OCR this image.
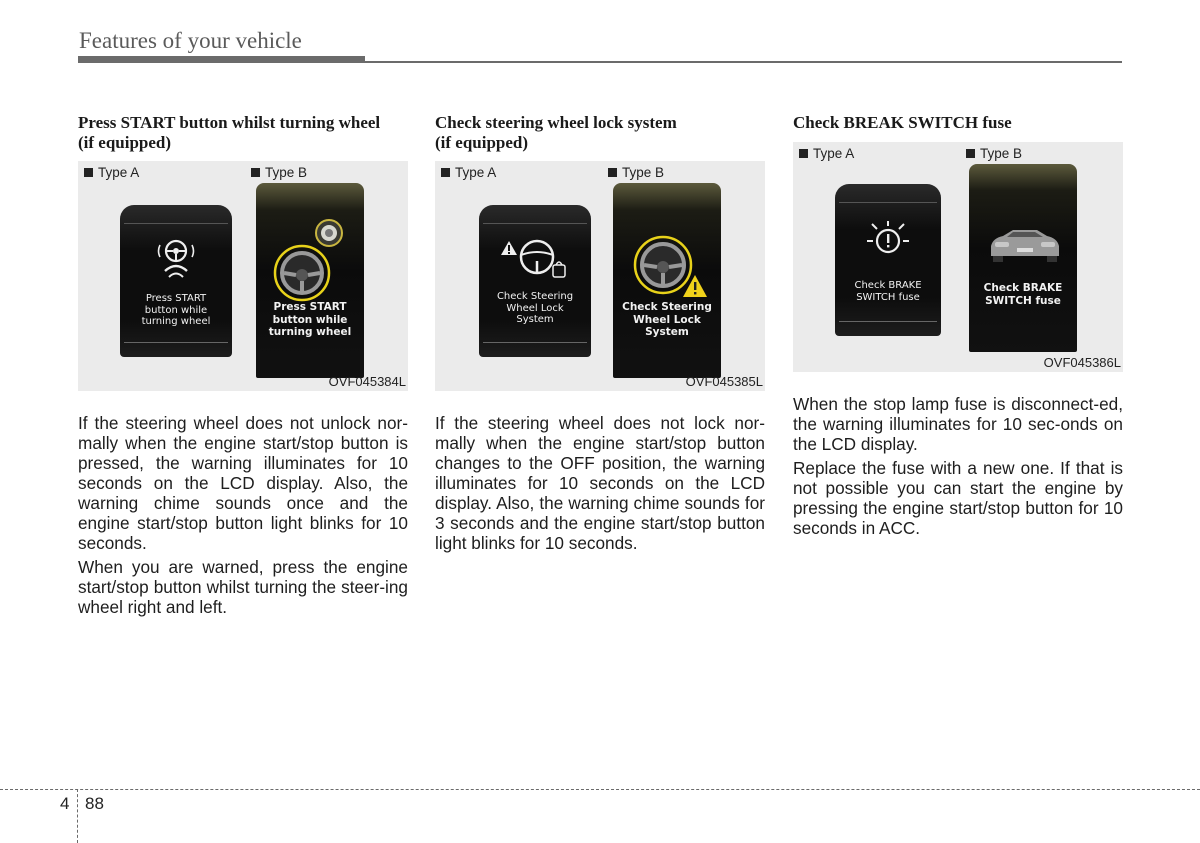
Features of your vehicle

Press START button whilst turning wheel
(if equipped)

Type A	Type B
Press START
button while
turning wheel
Press START
button while
turning wheel
OVF045384L

If the steering wheel does not unlock nor-mally when the engine start/stop button is pressed, the warning illuminates for 10 seconds on the LCD display. Also, the warning chime sounds once and the engine start/stop button light blinks for 10 seconds.

When you are warned, press the engine start/stop button whilst turning the steer-ing wheel right and left.

Check steering wheel lock system
(if equipped)

Type A	Type B
Check Steering
Wheel Lock
System
Check Steering
Wheel Lock
System
OVF045385L

If the steering wheel does not lock nor-mally when the engine start/stop button changes to the OFF position, the warning illuminates for 10 seconds on the LCD display. Also, the warning chime sounds for 3 seconds and the engine start/stop button light blinks for 10 seconds.

Check BREAK SWITCH fuse

Type A	Type B
Check BRAKE
SWITCH fuse
Check BRAKE
SWITCH fuse
OVF045386L

When the stop lamp fuse is disconnect-ed, the warning illuminates for 10 sec-onds on the LCD display.

Replace the fuse with a new one. If that is not possible you can start the engine by pressing the engine start/stop button for 10 seconds in ACC.

4 88
